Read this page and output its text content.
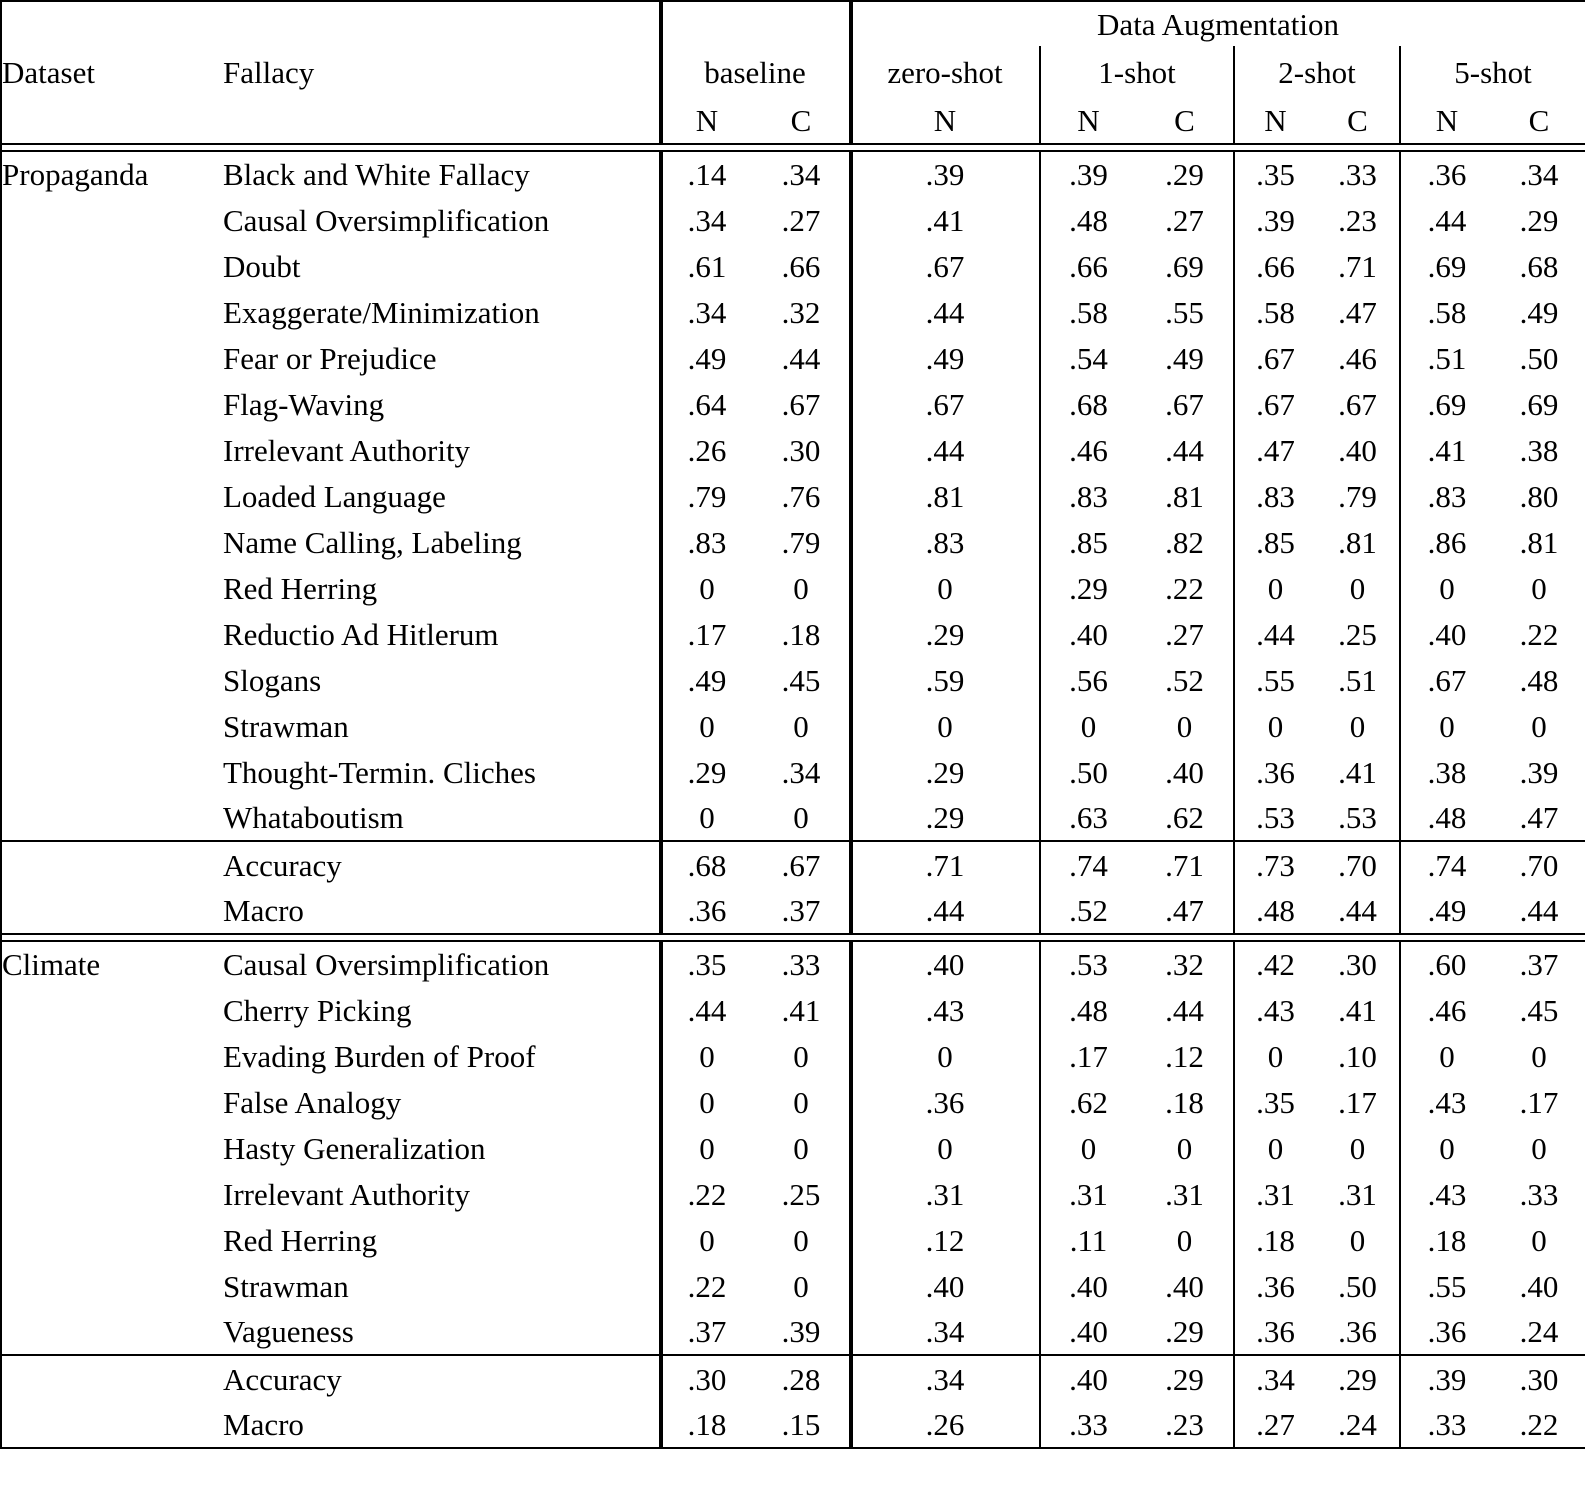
				Data Augmentation						
Dataset	Fallacy	baseline		zero-shot	1-shot		2-shot		5-shot	
		N	C	N	N	C	N	C	N	C

Propaganda	Black and White Fallacy	.14	.34	.39	.39	.29	.35	.33	.36	.34
	Causal Oversimplification	.34	.27	.41	.48	.27	.39	.23	.44	.29
	Doubt	.61	.66	.67	.66	.69	.66	.71	.69	.68
	Exaggerate/Minimization	.34	.32	.44	.58	.55	.58	.47	.58	.49
	Fear or Prejudice	.49	.44	.49	.54	.49	.67	.46	.51	.50
	Flag-Waving	.64	.67	.67	.68	.67	.67	.67	.69	.69
	Irrelevant Authority	.26	.30	.44	.46	.44	.47	.40	.41	.38
	Loaded Language	.79	.76	.81	.83	.81	.83	.79	.83	.80
	Name Calling, Labeling	.83	.79	.83	.85	.82	.85	.81	.86	.81
	Red Herring	0	0	0	.29	.22	0	0	0	0
	Reductio Ad Hitlerum	.17	.18	.29	.40	.27	.44	.25	.40	.22
	Slogans	.49	.45	.59	.56	.52	.55	.51	.67	.48
	Strawman	0	0	0	0	0	0	0	0	0
	Thought-Termin. Cliches	.29	.34	.29	.50	.40	.36	.41	.38	.39
	Whataboutism	0	0	.29	.63	.62	.53	.53	.48	.47

	Accuracy	.68	.67	.71	.74	.71	.73	.70	.74	.70
	Macro	.36	.37	.44	.52	.47	.48	.44	.49	.44

Climate	Causal Oversimplification	.35	.33	.40	.53	.32	.42	.30	.60	.37
	Cherry Picking	.44	.41	.43	.48	.44	.43	.41	.46	.45
	Evading Burden of Proof	0	0	0	.17	.12	0	.10	0	0
	False Analogy	0	0	.36	.62	.18	.35	.17	.43	.17
	Hasty Generalization	0	0	0	0	0	0	0	0	0
	Irrelevant Authority	.22	.25	.31	.31	.31	.31	.31	.43	.33
	Red Herring	0	0	.12	.11	0	.18	0	.18	0
	Strawman	.22	0	.40	.40	.40	.36	.50	.55	.40
	Vagueness	.37	.39	.34	.40	.29	.36	.36	.36	.24

	Accuracy	.30	.28	.34	.40	.29	.34	.29	.39	.30
	Macro	.18	.15	.26	.33	.23	.27	.24	.33	.22
